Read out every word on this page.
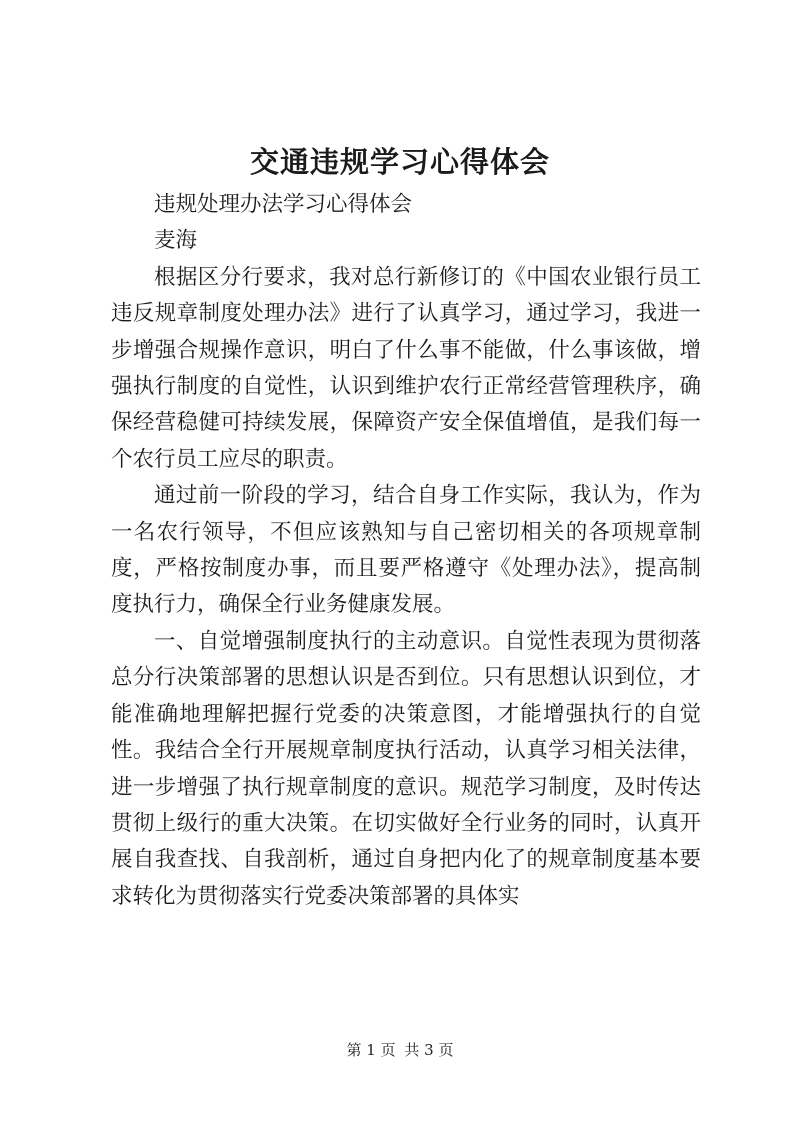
交通违规学习心得体会

违规处理办法学习心得体会

麦海

根据区分行要求，我对总行新修订的《中国农业银行员工违反规章制度处理办法》进行了认真学习，通过学习，我进一步增强合规操作意识，明白了什么事不能做，什么事该做，增强执行制度的自觉性，认识到维护农行正常经营管理秩序，确保经营稳健可持续发展，保障资产安全保值增值，是我们每一个农行员工应尽的职责。

通过前一阶段的学习，结合自身工作实际，我认为，作为一名农行领导，不但应该熟知与自己密切相关的各项规章制度，严格按制度办事，而且要严格遵守《处理办法》，提高制度执行力，确保全行业务健康发展。

一、自觉增强制度执行的主动意识。自觉性表现为贯彻落总分行决策部署的思想认识是否到位。只有思想认识到位，才能准确地理解把握行党委的决策意图，才能增强执行的自觉性。我结合全行开展规章制度执行活动，认真学习相关法律，进一步增强了执行规章制度的意识。规范学习制度，及时传达贯彻上级行的重大决策。在切实做好全行业务的同时，认真开展自我查找、自我剖析，通过自身把内化了的规章制度基本要求转化为贯彻落实行党委决策部署的具体实

第 1 页 共 3 页
